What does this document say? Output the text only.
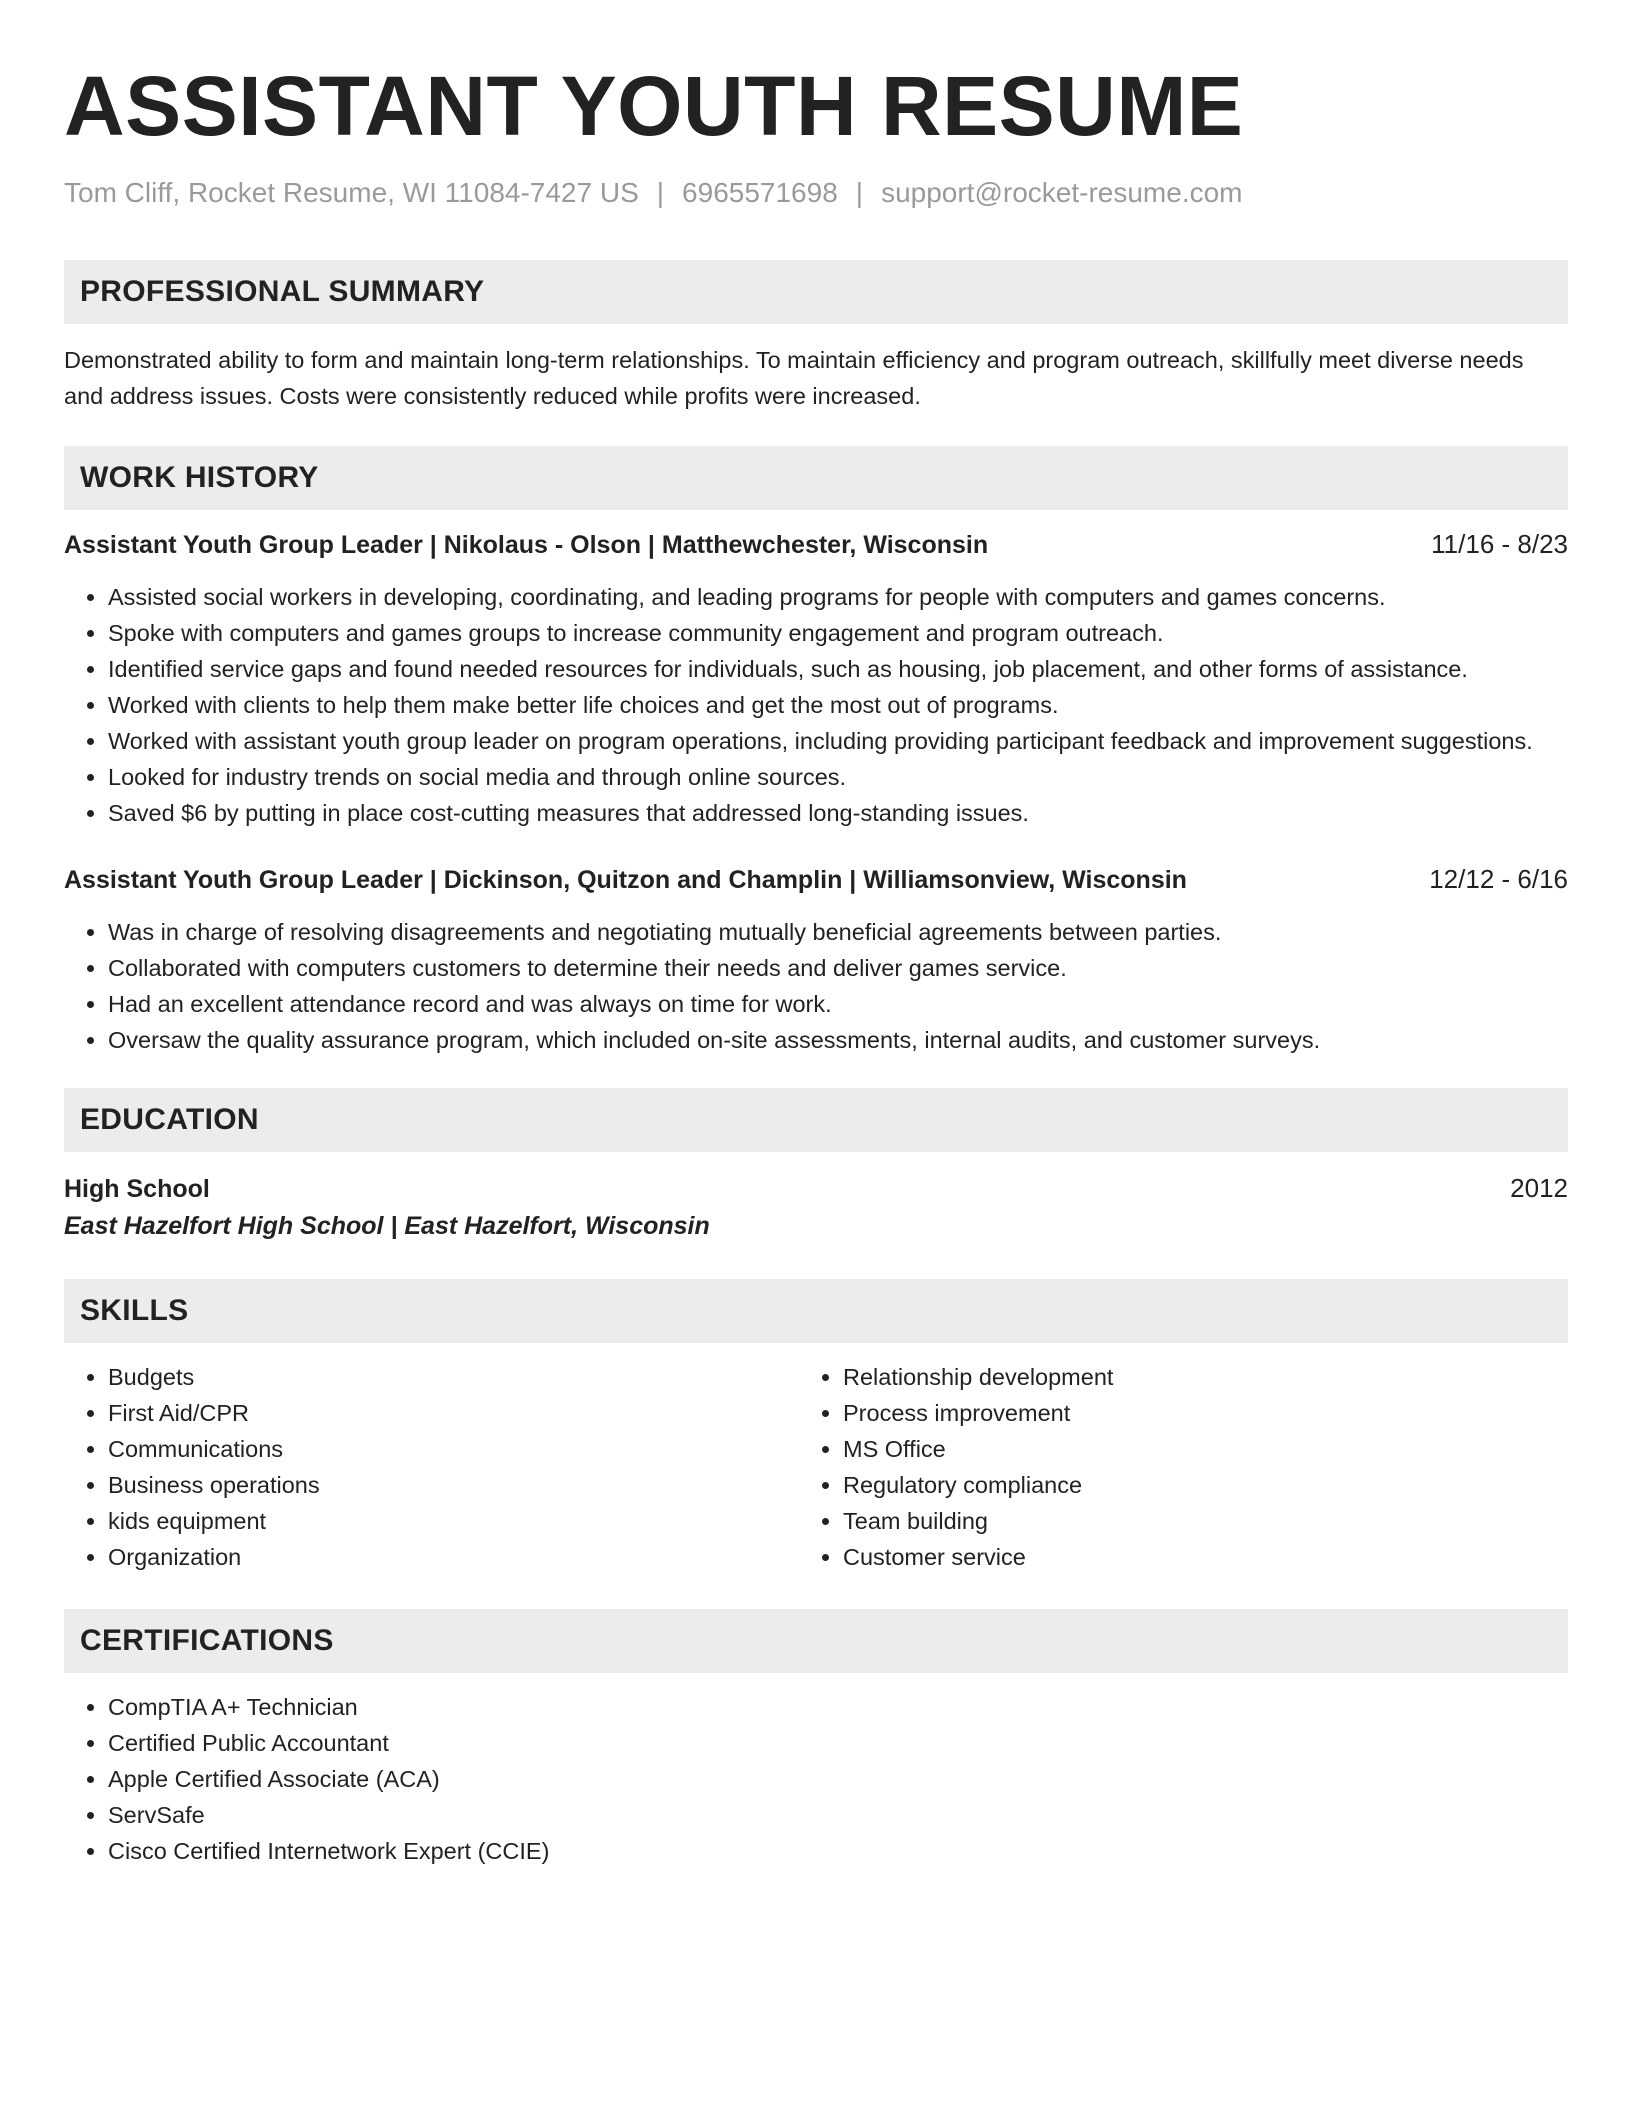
ASSISTANT YOUTH RESUME
Tom Cliff, Rocket Resume, WI 11084-7427 US | 6965571698 | support@rocket-resume.com
PROFESSIONAL SUMMARY

Demonstrated ability to form and maintain long-term relationships. To maintain efficiency and program outreach, skillfully meet diverse needs and address issues. Costs were consistently reduced while profits were increased.

WORK HISTORY
Assistant Youth Group Leader | Nikolaus - Olson | Matthewchester, Wisconsin	11/16 - 8/23
• Assisted social workers in developing, coordinating, and leading programs for people with computers and games concerns.
• Spoke with computers and games groups to increase community engagement and program outreach.
• Identified service gaps and found needed resources for individuals, such as housing, job placement, and other forms of assistance.
• Worked with clients to help them make better life choices and get the most out of programs.
• Worked with assistant youth group leader on program operations, including providing participant feedback and improvement suggestions.
• Looked for industry trends on social media and through online sources.
• Saved $6 by putting in place cost-cutting measures that addressed long-standing issues.
Assistant Youth Group Leader | Dickinson, Quitzon and Champlin | Williamsonview, Wisconsin	12/12 - 6/16
• Was in charge of resolving disagreements and negotiating mutually beneficial agreements between parties.
• Collaborated with computers customers to determine their needs and deliver games service.
• Had an excellent attendance record and was always on time for work.
• Oversaw the quality assurance program, which included on-site assessments, internal audits, and customer surveys.
EDUCATION
High School	2012
East Hazelfort High School | East Hazelfort, Wisconsin
SKILLS
• Budgets
• First Aid/CPR
• Communications
• Business operations
• kids equipment
• Organization
• Relationship development
• Process improvement
• MS Office
• Regulatory compliance
• Team building
• Customer service
CERTIFICATIONS
• CompTIA A+ Technician
• Certified Public Accountant
• Apple Certified Associate (ACA)
• ServSafe
• Cisco Certified Internetwork Expert (CCIE)
